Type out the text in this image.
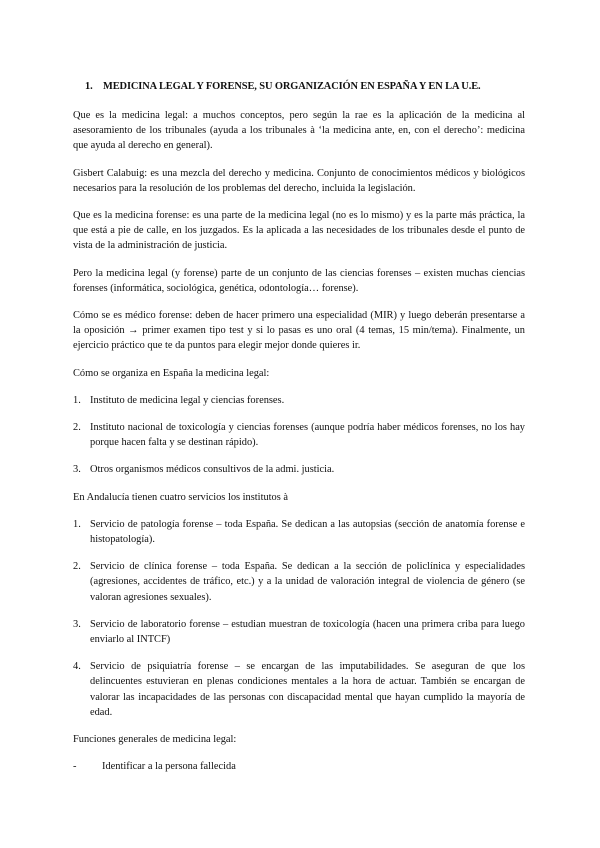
1. MEDICINA LEGAL Y FORENSE, SU ORGANIZACIÓN EN ESPAÑA Y EN LA U.E.

Que es la medicina legal: a muchos conceptos, pero según la rae es la aplicación de la medicina al asesoramiento de los tribunales (ayuda a los tribunales à ‘la medicina ante, en, con el derecho’: medicina que ayuda al derecho en general).

Gisbert Calabuig: es una mezcla del derecho y medicina. Conjunto de conocimientos médicos y biológicos necesarios para la resolución de los problemas del derecho, incluida la legislación.

Que es la medicina forense: es una parte de la medicina legal (no es lo mismo) y es la parte más práctica, la que está a pie de calle, en los juzgados. Es la aplicada a las necesidades de los tribunales desde el punto de vista de la administración de justicia.

Pero la medicina legal (y forense) parte de un conjunto de las ciencias forenses – existen muchas ciencias forenses (informática, sociológica, genética, odontología… forense).

Cómo se es médico forense: deben de hacer primero una especialidad (MIR) y luego deberán presentarse a la oposición → primer examen tipo test y si lo pasas es uno oral (4 temas, 15 min/tema). Finalmente, un ejercicio práctico que te da puntos para elegir mejor donde quieres ir.

Cómo se organiza en España la medicina legal:

1. Instituto de medicina legal y ciencias forenses.
2. Instituto nacional de toxicología y ciencias forenses (aunque podría haber médicos forenses, no los hay porque hacen falta y se destinan rápido).
3. Otros organismos médicos consultivos de la admi. justicia.

En Andalucía tienen cuatro servicios los institutos à

1. Servicio de patología forense – toda España. Se dedican a las autopsias (sección de anatomía forense e histopatología).
2. Servicio de clínica forense – toda España. Se dedican a la sección de policlínica y especialidades (agresiones, accidentes de tráfico, etc.) y a la unidad de valoración integral de violencia de género (se valoran agresiones sexuales).
3. Servicio de laboratorio forense – estudian muestran de toxicología (hacen una primera criba para luego enviarlo al INTCF)
4. Servicio de psiquiatría forense – se encargan de las imputabilidades. Se aseguran de que los delincuentes estuvieran en plenas condiciones mentales a la hora de actuar. También se encargan de valorar las incapacidades de las personas con discapacidad mental que hayan cumplido la mayoría de edad.

Funciones generales de medicina legal:

- Identificar a la persona fallecida
